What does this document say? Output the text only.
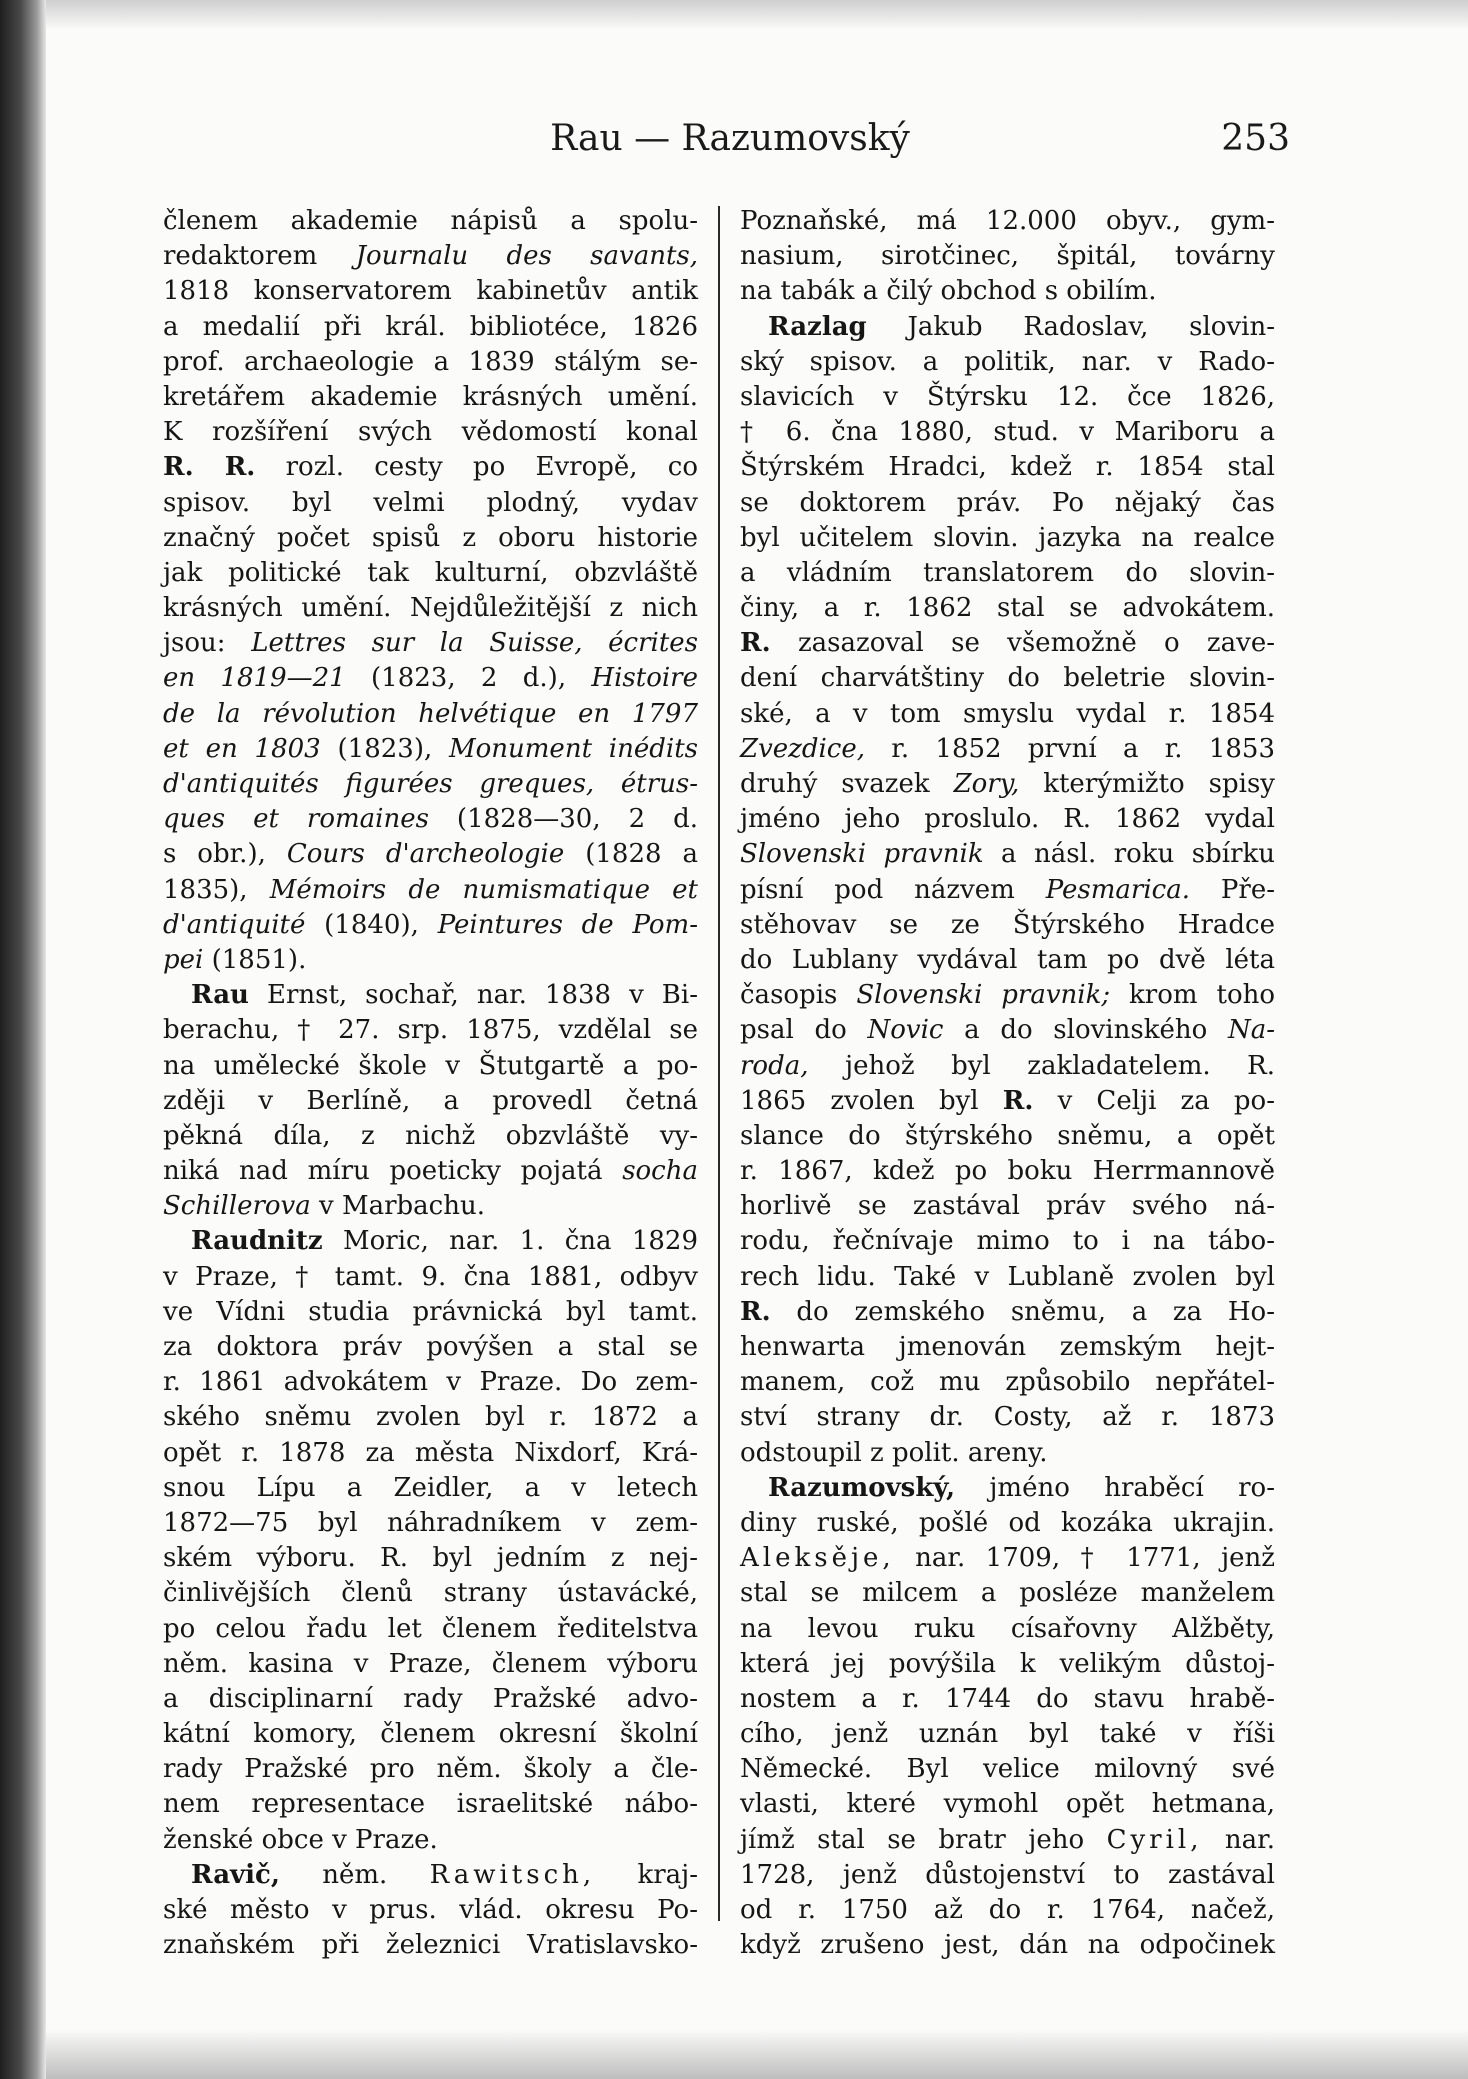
Rau — Razumovský	253
členem akademie nápisů a spolu-
redaktorem Journalu des savants,
1818 konservatorem kabinetův antik
a medalií při král. bibliotéce, 1826
prof. archaeologie a 1839 stálým se-
kretářem akademie krásných umění.
K rozšíření svých vědomostí konal
R. R. rozl. cesty po Evropě, co
spisov. byl velmi plodný, vydav
značný počet spisů z oboru historie
jak politické tak kulturní, obzvláště
krásných umění. Nejdůležitější z nich
jsou: Lettres sur la Suisse, écrites
en 1819—21 (1823, 2 d.), Histoire
de la révolution helvétique en 1797
et en 1803 (1823), Monument inédits
d'antiquités figurées greques, étrus-
ques et romaines (1828—30, 2 d.
s obr.), Cours d'archeologie (1828 a
1835), Mémoirs de numismatique et
d'antiquité (1840), Peintures de Pom-
pei (1851).
Rau Ernst, sochař, nar. 1838 v Bi-
berachu, † 27. srp. 1875, vzdělal se
na umělecké škole v Štutgartě a po-
zději v Berlíně, a provedl četná
pěkná díla, z nichž obzvláště vy-
niká nad míru poeticky pojatá socha
Schillerova v Marbachu.
Raudnitz Moric, nar. 1. čna 1829
v Praze, † tamt. 9. čna 1881, odbyv
ve Vídni studia právnická byl tamt.
za doktora práv povýšen a stal se
r. 1861 advokátem v Praze. Do zem-
ského sněmu zvolen byl r. 1872 a
opět r. 1878 za města Nixdorf, Krá-
snou Lípu a Zeidler, a v letech
1872—75 byl náhradníkem v zem-
ském výboru. R. byl jedním z nej-
činlivějších členů strany ústavácké,
po celou řadu let členem ředitelstva
něm. kasina v Praze, členem výboru
a disciplinarní rady Pražské advo-
kátní komory, členem okresní školní
rady Pražské pro něm. školy a čle-
nem representace israelitské nábo-
ženské obce v Praze.
Ravič, něm. Rawitsch, kraj-
ské město v prus. vlád. okresu Po-
znaňském při železnici Vratislavsko-
Poznaňské, má 12.000 obyv., gym-
nasium, sirotčinec, špitál, továrny
na tabák a čilý obchod s obilím.
Razlag Jakub Radoslav, slovin-
ský spisov. a politik, nar. v Rado-
slavicích v Štýrsku 12. čce 1826,
† 6. čna 1880, stud. v Mariboru a
Štýrském Hradci, kdež r. 1854 stal
se doktorem práv. Po nějaký čas
byl učitelem slovin. jazyka na realce
a vládním translatorem do slovin-
činy, a r. 1862 stal se advokátem.
R. zasazoval se všemožně o zave-
dení charvátštiny do beletrie slovin-
ské, a v tom smyslu vydal r. 1854
Zvezdice, r. 1852 první a r. 1853
druhý svazek Zory, kterýmižto spisy
jméno jeho proslulo. R. 1862 vydal
Slovenski pravnik a násl. roku sbírku
písní pod názvem Pesmarica. Pře-
stěhovav se ze Štýrského Hradce
do Lublany vydával tam po dvě léta
časopis Slovenski pravnik; krom toho
psal do Novic a do slovinského Na-
roda, jehož byl zakladatelem. R.
1865 zvolen byl R. v Celji za po-
slance do štýrského sněmu, a opět
r. 1867, kdež po boku Herrmannově
horlivě se zastával práv svého ná-
rodu, řečnívaje mimo to i na tábo-
rech lidu. Také v Lublaně zvolen byl
R. do zemského sněmu, a za Ho-
henwarta jmenován zemským hejt-
manem, což mu způsobilo nepřátel-
ství strany dr. Costy, až r. 1873
odstoupil z polit. areny.
Razumovský, jméno hraběcí ro-
diny ruské, pošlé od kozáka ukrajin.
Aleksěje, nar. 1709, † 1771, jenž
stal se milcem a posléze manželem
na levou ruku císařovny Alžběty,
která jej povýšila k velikým důstoj-
nostem a r. 1744 do stavu hrabě-
cího, jenž uznán byl také v říši
Německé. Byl velice milovný své
vlasti, které vymohl opět hetmana,
jímž stal se bratr jeho Cyril, nar.
1728, jenž důstojenství to zastával
od r. 1750 až do r. 1764, načež,
když zrušeno jest, dán na odpočinek
